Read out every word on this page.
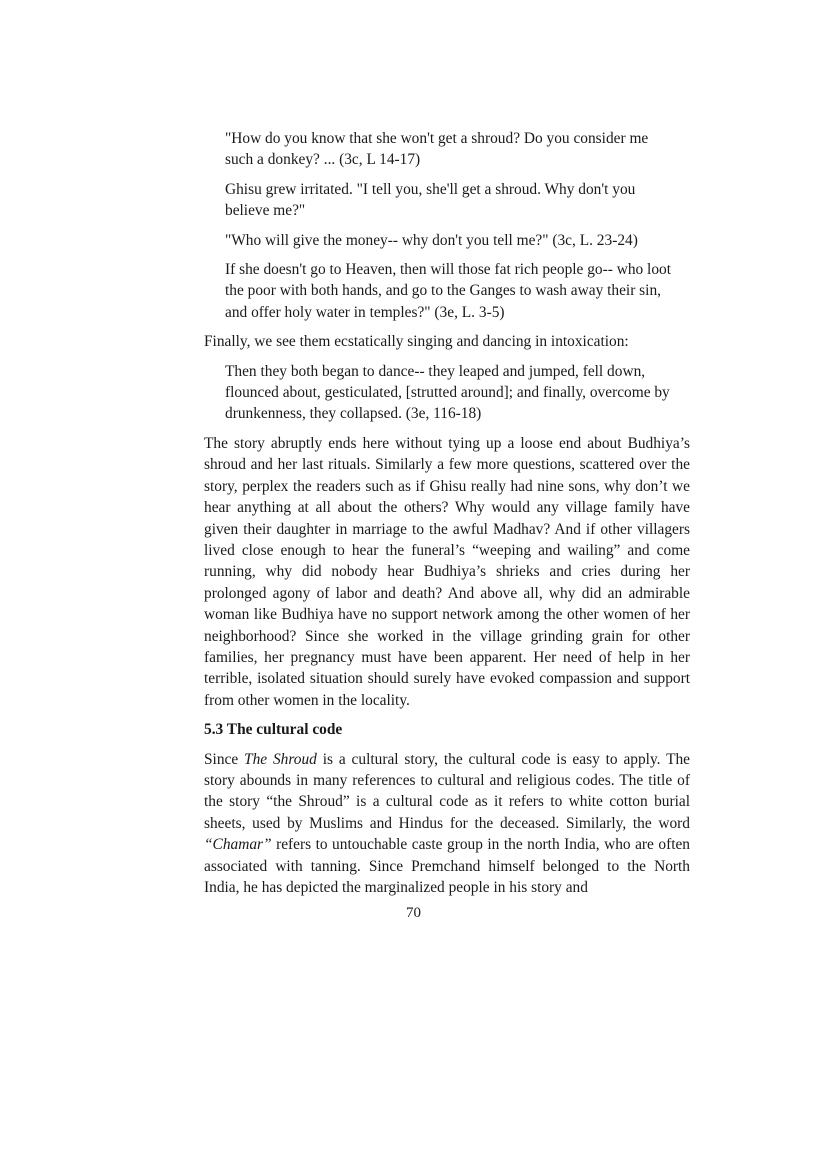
"How do you know that she won't get a shroud? Do you consider me such a donkey? ... (3c, L 14-17)
Ghisu grew irritated. "I tell you, she'll get a shroud. Why don't you believe me?"
"Who will give the money-- why don't you tell me?" (3c, L. 23-24)
If she doesn't go to Heaven, then will those fat rich people go-- who loot the poor with both hands, and go to the Ganges to wash away their sin, and offer holy water in temples?" (3e, L. 3-5)
Finally, we see them ecstatically singing and dancing in intoxication:
Then they both began to dance-- they leaped and jumped, fell down, flounced about, gesticulated, [strutted around]; and finally, overcome by drunkenness, they collapsed. (3e, 116-18)
The story abruptly ends here without tying up a loose end about Budhiya’s shroud and her last rituals. Similarly a few more questions, scattered over the story, perplex the readers such as if Ghisu really had nine sons, why don’t we hear anything at all about the others? Why would any village family have given their daughter in marriage to the awful Madhav? And if other villagers lived close enough to hear the funeral’s “weeping and wailing” and come running, why did nobody hear Budhiya’s shrieks and cries during her prolonged agony of labor and death? And above all, why did an admirable woman like Budhiya have no support network among the other women of her neighborhood? Since she worked in the village grinding grain for other families, her pregnancy must have been apparent. Her need of help in her terrible, isolated situation should surely have evoked compassion and support from other women in the locality.
5.3 The cultural code
Since The Shroud is a cultural story, the cultural code is easy to apply. The story abounds in many references to cultural and religious codes. The title of the story “the Shroud” is a cultural code as it refers to white cotton burial sheets, used by Muslims and Hindus for the deceased. Similarly, the word “Chamar” refers to untouchable caste group in the north India, who are often associated with tanning. Since Premchand himself belonged to the North India, he has depicted the marginalized people in his story and
70
